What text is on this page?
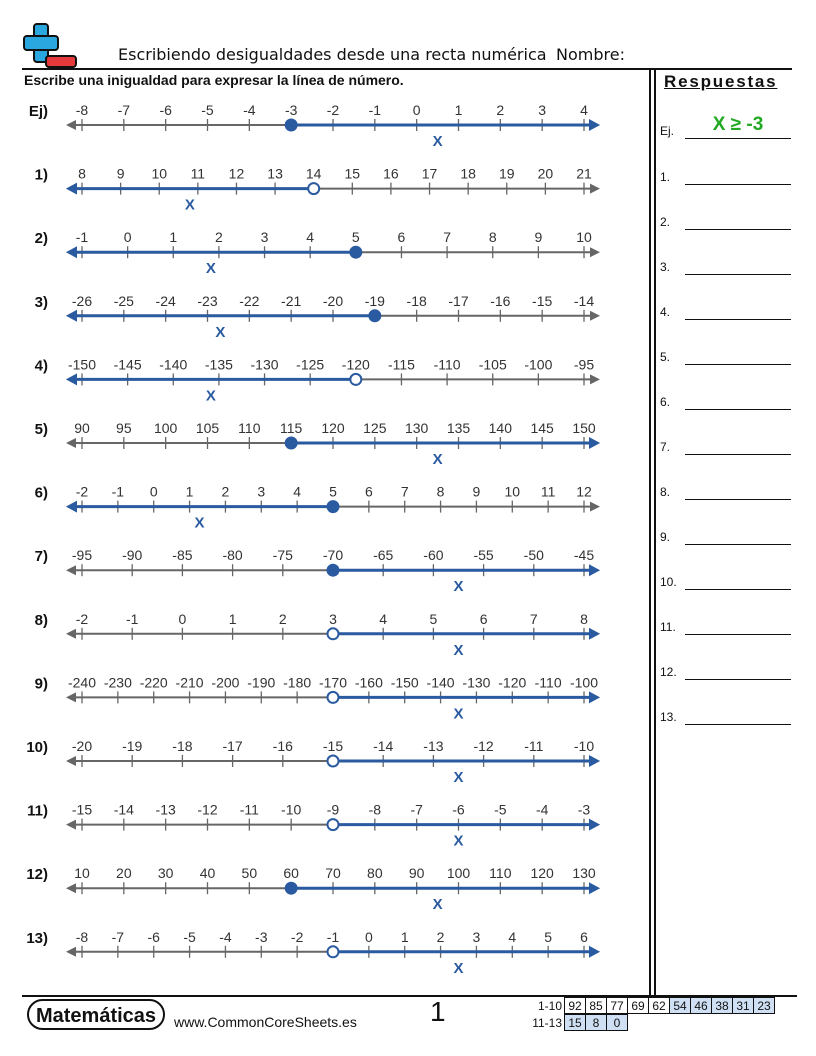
Escribiendo desigualdades desde una recta numérica Nombre:
Escribe una inigualdad para expresar la línea de número.	Respuestas
Ej.	X ≥ -3
1.
2.
3.
4.
5.
6.
7.
8.
9.
10.
11.
12.
13.
Ej) -8 -7 -6 -5 -4 -3 -2 -1 0 1 2 3 4
X
1) 8 9 10 11 12 13 14 15 16 17 18 19 20 21
X
2) -1	0	1	2	3	4	5	6	7	8	9 10
X
3) -26 -25 -24 -23 -22 -21 -20 -19 -18 -17 -16 -15 -14
X
4) -150 -145 -140 -135 -130 -125 -120 -115 -110 -105 -100 -95
X
5) 90 95 100 105 110 115 120 125 130 135 140 145 150
X
6) -2 -1 0 1 2 3 4 5 6 7 8 9 10 11 12
X
7) -95 -90 -85 -80 -75 -70 -65 -60 -55 -50 -45
X
8) -2	-1	0	1	2	3	4	5	6	7	8
X
9) -240 -230 -220 -210 -200 -190 -180 -170 -160 -150 -140 -130 -120 -110 -100
X
10) -20 -19 -18 -17 -16 -15 -14 -13 -12 -11 -10
X
11) -15 -14 -13 -12 -11 -10 -9 -8 -7 -6 -5 -4 -3
X
12) 10 20 30 40 50 60 70 80 90 100 110 120 130
X
13) -8 -7 -6 -5 -4 -3 -2 -1 0 1 2 3 4 5 6
X
Matemáticas	www.CommonCoreSheets.es	1	1-10	92	85	77	69	62	54	46	38	31	23
11-13	15	8	0
